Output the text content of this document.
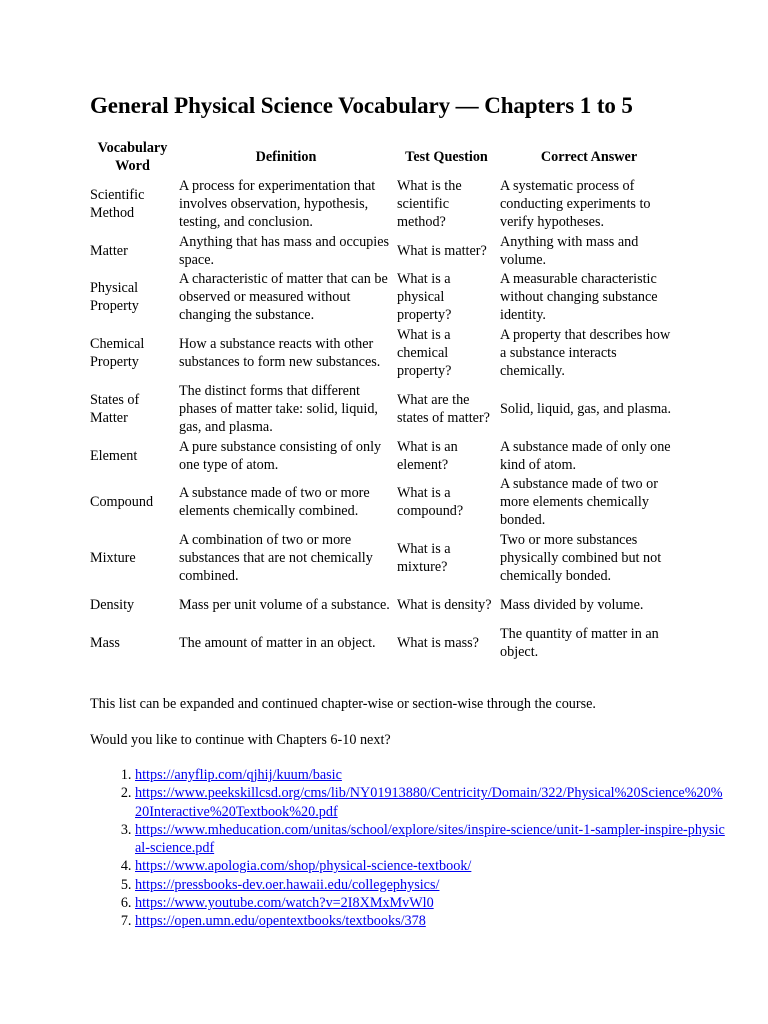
General Physical Science Vocabulary — Chapters 1 to 5
Vocabulary Word	Definition	Test Question	Correct Answer
Scientific Method	A process for experimentation that involves observation, hypothesis, testing, and conclusion.	What is the scientific method?	A systematic process of conducting experiments to verify hypotheses.
Matter	Anything that has mass and occupies space.	What is matter?	Anything with mass and volume.
Physical Property	A characteristic of matter that can be observed or measured without changing the substance.	What is a physical property?	A measurable characteristic without changing substance identity.
Chemical Property	How a substance reacts with other substances to form new substances.	What is a chemical property?	A property that describes how a substance interacts chemically.
States of Matter	The distinct forms that different phases of matter take: solid, liquid, gas, and plasma.	What are the states of matter?	Solid, liquid, gas, and plasma.
Element	A pure substance consisting of only one type of atom.	What is an element?	A substance made of only one kind of atom.
Compound	A substance made of two or more elements chemically combined.	What is a compound?	A substance made of two or more elements chemically bonded.
Mixture	A combination of two or more substances that are not chemically combined.	What is a mixture?	Two or more substances physically combined but not chemically bonded.
Density	Mass per unit volume of a substance.	What is density?	Mass divided by volume.
Mass	The amount of matter in an object.	What is mass?	The quantity of matter in an object.

This list can be expanded and continued chapter-wise or section-wise through the course.

Would you like to continue with Chapters 6-10 next?

1. https://anyflip.com/qjhij/kuum/basic
2. https://www.peekskillcsd.org/cms/lib/NY01913880/Centricity/Domain/322/Physical%20Science%20%20Interactive%20Textbook%20.pdf
3. https://www.mheducation.com/unitas/school/explore/sites/inspire-science/unit-1-sampler-inspire-physical-science.pdf
4. https://www.apologia.com/shop/physical-science-textbook/
5. https://pressbooks-dev.oer.hawaii.edu/collegephysics/
6. https://www.youtube.com/watch?v=2I8XMxMvWl0
7. https://open.umn.edu/opentextbooks/textbooks/378
